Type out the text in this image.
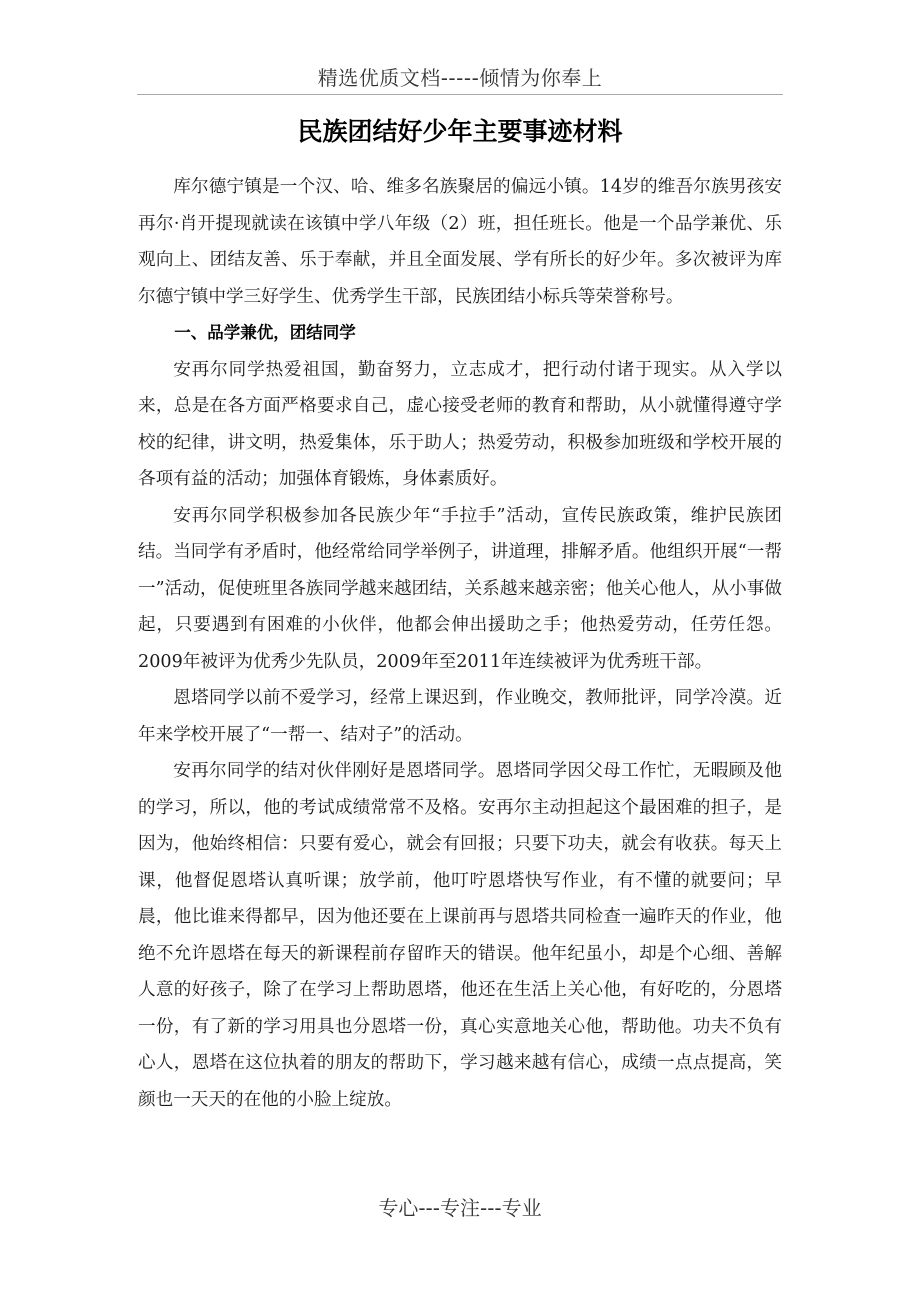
精选优质文档-----倾情为你奉上
民族团结好少年主要事迹材料

库尔德宁镇是一个汉、哈、维多名族聚居的偏远小镇。14岁的维吾尔族男孩安再尔·肖开提现就读在该镇中学八年级（2）班，担任班长。他是一个品学兼优、乐观向上、团结友善、乐于奉献，并且全面发展、学有所长的好少年。多次被评为库尔德宁镇中学三好学生、优秀学生干部，民族团结小标兵等荣誉称号。

一、品学兼优，团结同学

安再尔同学热爱祖国，勤奋努力，立志成才，把行动付诸于现实。从入学以来，总是在各方面严格要求自己，虚心接受老师的教育和帮助，从小就懂得遵守学校的纪律，讲文明，热爱集体，乐于助人；热爱劳动，积极参加班级和学校开展的各项有益的活动；加强体育锻炼，身体素质好。

安再尔同学积极参加各民族少年“手拉手”活动，宣传民族政策，维护民族团结。当同学有矛盾时，他经常给同学举例子，讲道理，排解矛盾。他组织开展“一帮一”活动，促使班里各族同学越来越团结，关系越来越亲密；他关心他人，从小事做起，只要遇到有困难的小伙伴，他都会伸出援助之手；他热爱劳动，任劳任怨。2009年被评为优秀少先队员，2009年至2011年连续被评为优秀班干部。

恩塔同学以前不爱学习，经常上课迟到，作业晚交，教师批评，同学冷漠。近年来学校开展了“一帮一、结对子”的活动。

安再尔同学的结对伙伴刚好是恩塔同学。恩塔同学因父母工作忙，无暇顾及他的学习，所以，他的考试成绩常常不及格。安再尔主动担起这个最困难的担子，是因为，他始终相信：只要有爱心，就会有回报；只要下功夫，就会有收获。每天上课，他督促恩塔认真听课；放学前，他叮咛恩塔快写作业，有不懂的就要问；早晨，他比谁来得都早，因为他还要在上课前再与恩塔共同检查一遍昨天的作业，他绝不允许恩塔在每天的新课程前存留昨天的错误。他年纪虽小，却是个心细、善解人意的好孩子，除了在学习上帮助恩塔，他还在生活上关心他，有好吃的，分恩塔一份，有了新的学习用具也分恩塔一份，真心实意地关心他，帮助他。功夫不负有心人，恩塔在这位执着的朋友的帮助下，学习越来越有信心，成绩一点点提高，笑颜也一天天的在他的小脸上绽放。

专心---专注---专业
